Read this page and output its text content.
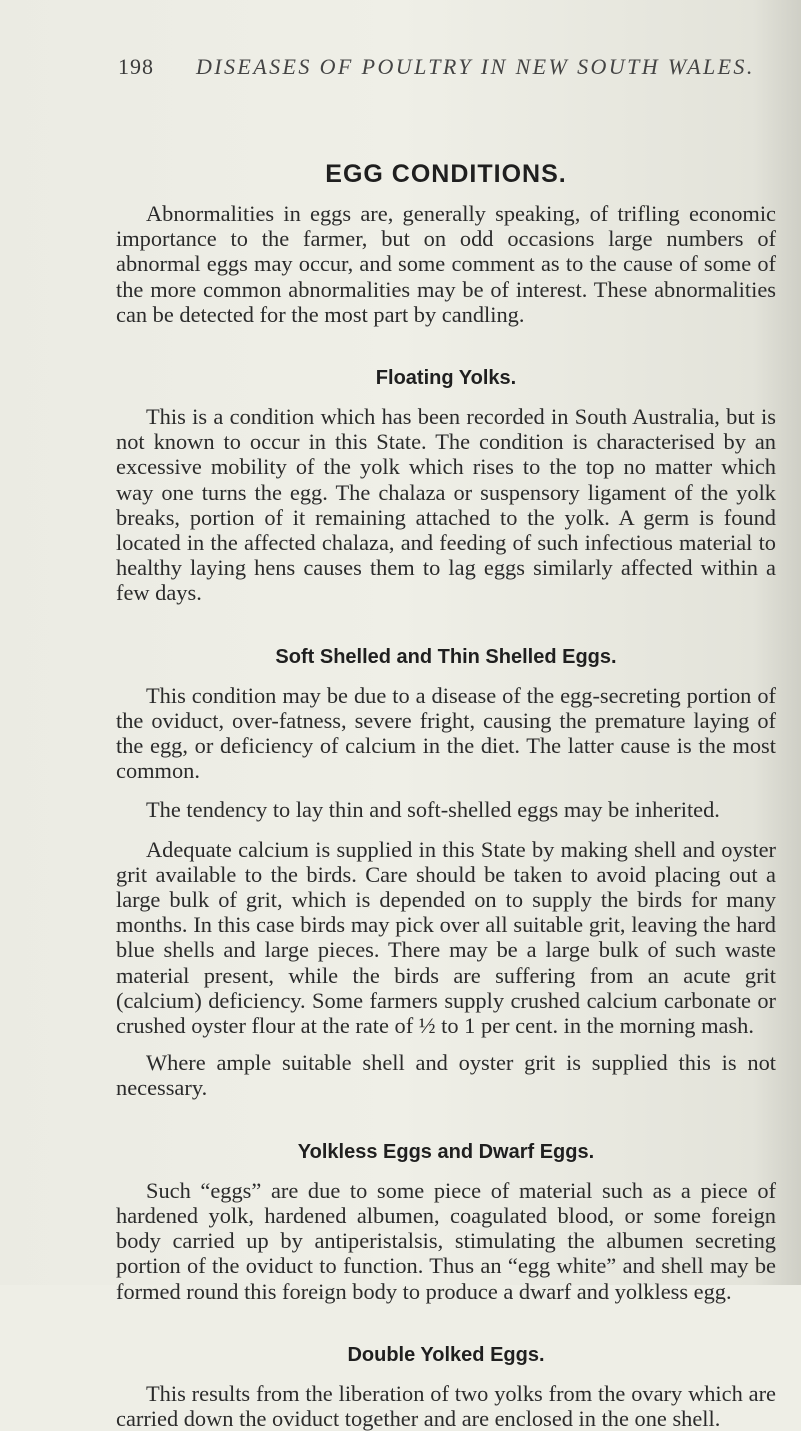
198 DISEASES OF POULTRY IN NEW SOUTH WALES.
EGG CONDITIONS.

Abnormalities in eggs are, generally speaking, of trifling economic importance to the farmer, but on odd occasions large numbers of abnormal eggs may occur, and some comment as to the cause of some of the more common abnormalities may be of interest. These abnormalities can be detected for the most part by candling.

Floating Yolks.

This is a condition which has been recorded in South Australia, but is not known to occur in this State. The condition is characterised by an excessive mobility of the yolk which rises to the top no matter which way one turns the egg. The chalaza or suspensory ligament of the yolk breaks, portion of it remaining attached to the yolk. A germ is found located in the affected chalaza, and feeding of such infectious material to healthy laying hens causes them to lag eggs similarly affected within a few days.

Soft Shelled and Thin Shelled Eggs.

This condition may be due to a disease of the egg-secreting portion of the oviduct, over-fatness, severe fright, causing the premature laying of the egg, or deficiency of calcium in the diet. The latter cause is the most common.

The tendency to lay thin and soft-shelled eggs may be inherited.

Adequate calcium is supplied in this State by making shell and oyster grit available to the birds. Care should be taken to avoid placing out a large bulk of grit, which is depended on to supply the birds for many months. In this case birds may pick over all suitable grit, leaving the hard blue shells and large pieces. There may be a large bulk of such waste material present, while the birds are suffering from an acute grit (calcium) deficiency. Some farmers supply crushed calcium carbonate or crushed oyster flour at the rate of ½ to 1 per cent. in the morning mash.

Where ample suitable shell and oyster grit is supplied this is not necessary.

Yolkless Eggs and Dwarf Eggs.

Such “eggs” are due to some piece of material such as a piece of hardened yolk, hardened albumen, coagulated blood, or some foreign body carried up by antiperistalsis, stimulating the albumen secreting portion of the oviduct to function. Thus an “egg white” and shell may be formed round this foreign body to produce a dwarf and yolkless egg.

Double Yolked Eggs.

This results from the liberation of two yolks from the ovary which are carried down the oviduct together and are enclosed in the one shell.
